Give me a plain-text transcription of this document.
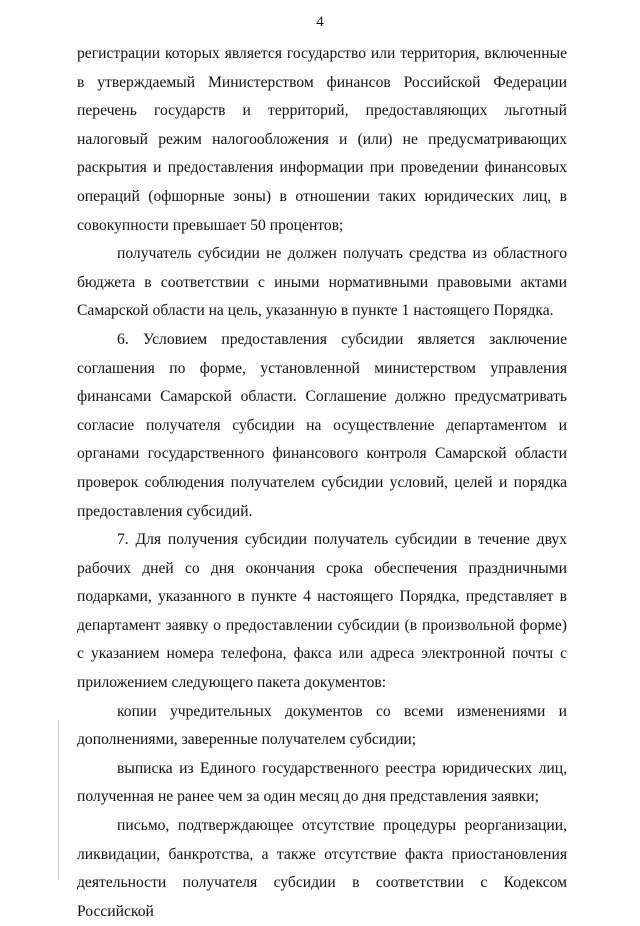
4

регистрации которых является государство или территория, включенные в утверждаемый Министерством финансов Российской Федерации перечень государств и территорий, предоставляющих льготный налоговый режим налогообложения и (или) не предусматривающих раскрытия и предоставления информации при проведении финансовых операций (офшорные зоны) в отношении таких юридических лиц, в совокупности превышает 50 процентов;

получатель субсидии не должен получать средства из областного бюджета в соответствии с иными нормативными правовыми актами Самарской области на цель, указанную в пункте 1 настоящего Порядка.

6. Условием предоставления субсидии является заключение соглашения по форме, установленной министерством управления финансами Самарской области. Соглашение должно предусматривать согласие получателя субсидии на осуществление департаментом и органами государственного финансового контроля Самарской области проверок соблюдения получателем субсидии условий, целей и порядка предоставления субсидий.

7. Для получения субсидии получатель субсидии в течение двух рабочих дней со дня окончания срока обеспечения праздничными подарками, указанного в пункте 4 настоящего Порядка, представляет в департамент заявку о предоставлении субсидии (в произвольной форме) с указанием номера телефона, факса или адреса электронной почты с приложением следующего пакета документов:

копии учредительных документов со всеми изменениями и дополнениями, заверенные получателем субсидии;

выписка из Единого государственного реестра юридических лиц, полученная не ранее чем за один месяц до дня представления заявки;

письмо, подтверждающее отсутствие процедуры реорганизации, ликвидации, банкротства, а также отсутствие факта приостановления деятельности получателя субсидии в соответствии с Кодексом Российской
